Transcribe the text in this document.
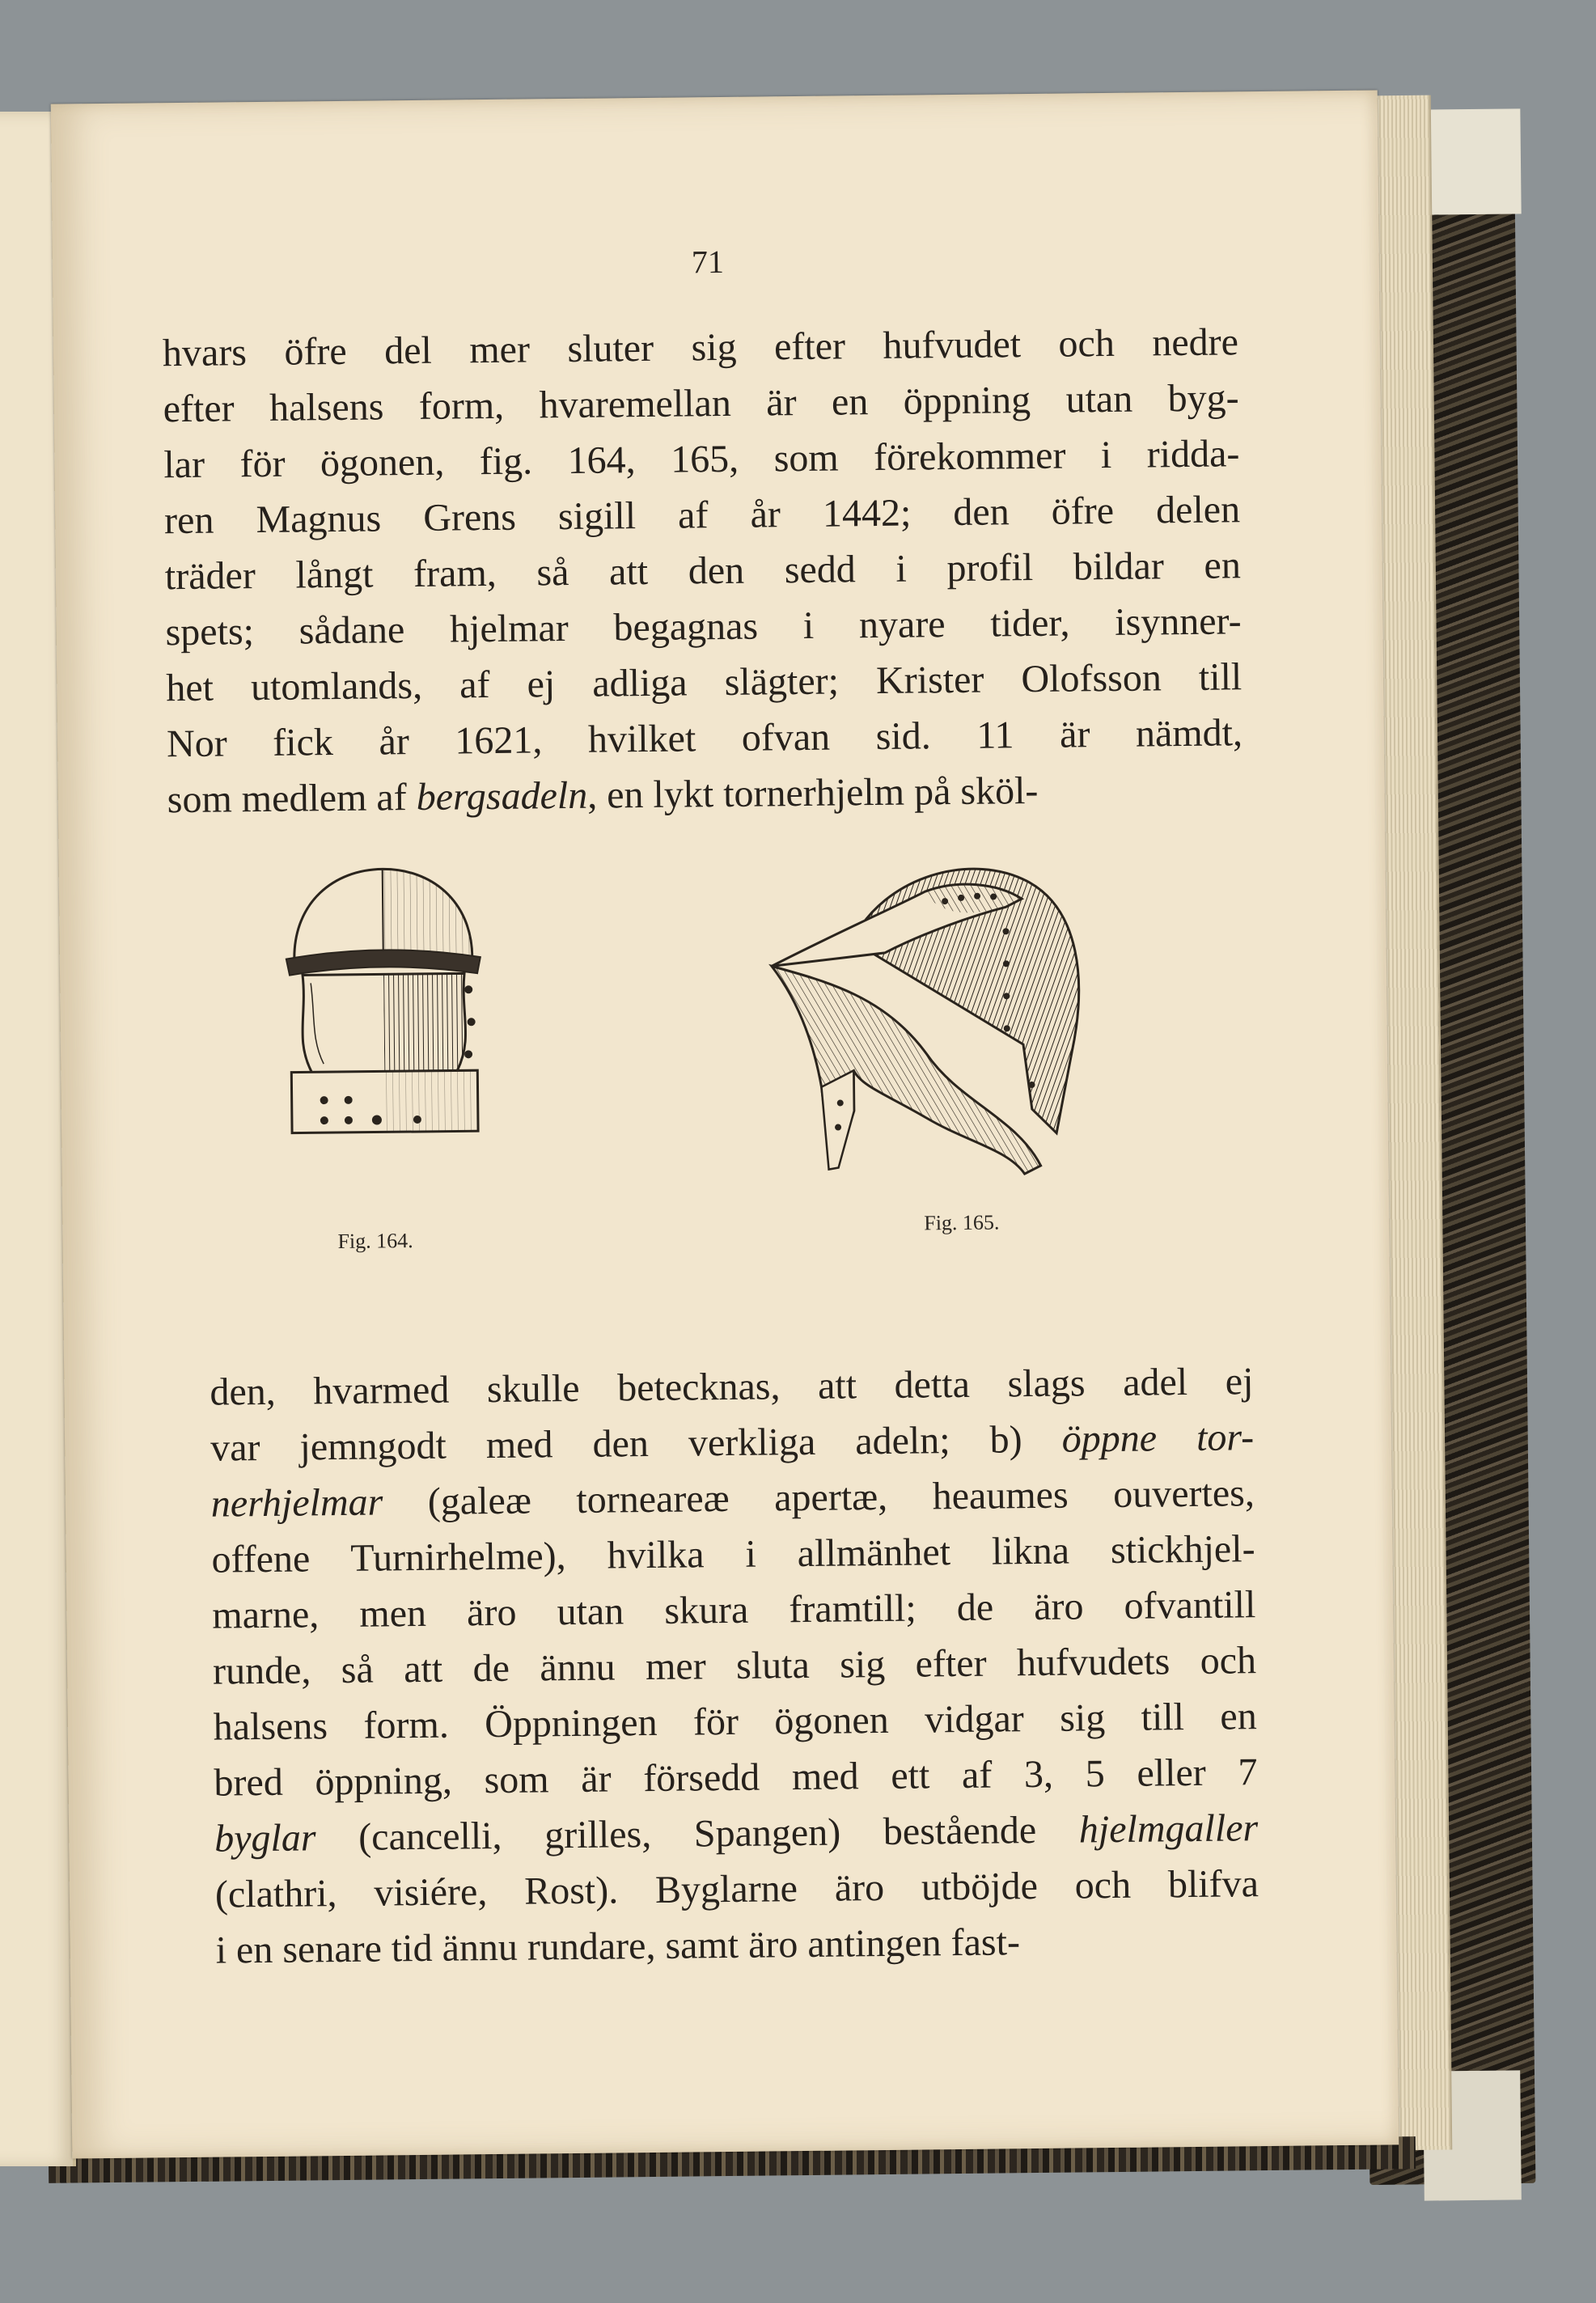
71
hvars öfre del mer sluter sig efter hufvudet och nedre
efter halsens form, hvaremellan är en öppning utan byg-
lar för ögonen, fig. 164, 165, som förekommer i ridda-
ren Magnus Grens sigill af år 1442; den öfre delen
träder långt fram, så att den sedd i profil bildar en
spets; sådane hjelmar begagnas i nyare tider, isynner-
het utomlands, af ej adliga slägter; Krister Olofsson till
Nor fick år 1621, hvilket ofvan sid. 11 är nämdt,
som medlem af bergsadeln, en lykt tornerhjelm på sköl-
Fig. 164.
Fig. 165.
den, hvarmed skulle betecknas, att detta slags adel ej
var jemngodt med den verkliga adeln; b) öppne tor-
nerhjelmar (galeæ torneareæ apertæ, heaumes ouvertes,
offene Turnirhelme), hvilka i allmänhet likna stickhjel-
marne, men äro utan skura framtill; de äro ofvantill
runde, så att de ännu mer sluta sig efter hufvudets och
halsens form. Öppningen för ögonen vidgar sig till en
bred öppning, som är försedd med ett af 3, 5 eller 7
byglar (cancelli, grilles, Spangen) bestående hjelmgaller
(clathri, visiére, Rost). Byglarne äro utböjde och blifva
i en senare tid ännu rundare, samt äro antingen fast-
